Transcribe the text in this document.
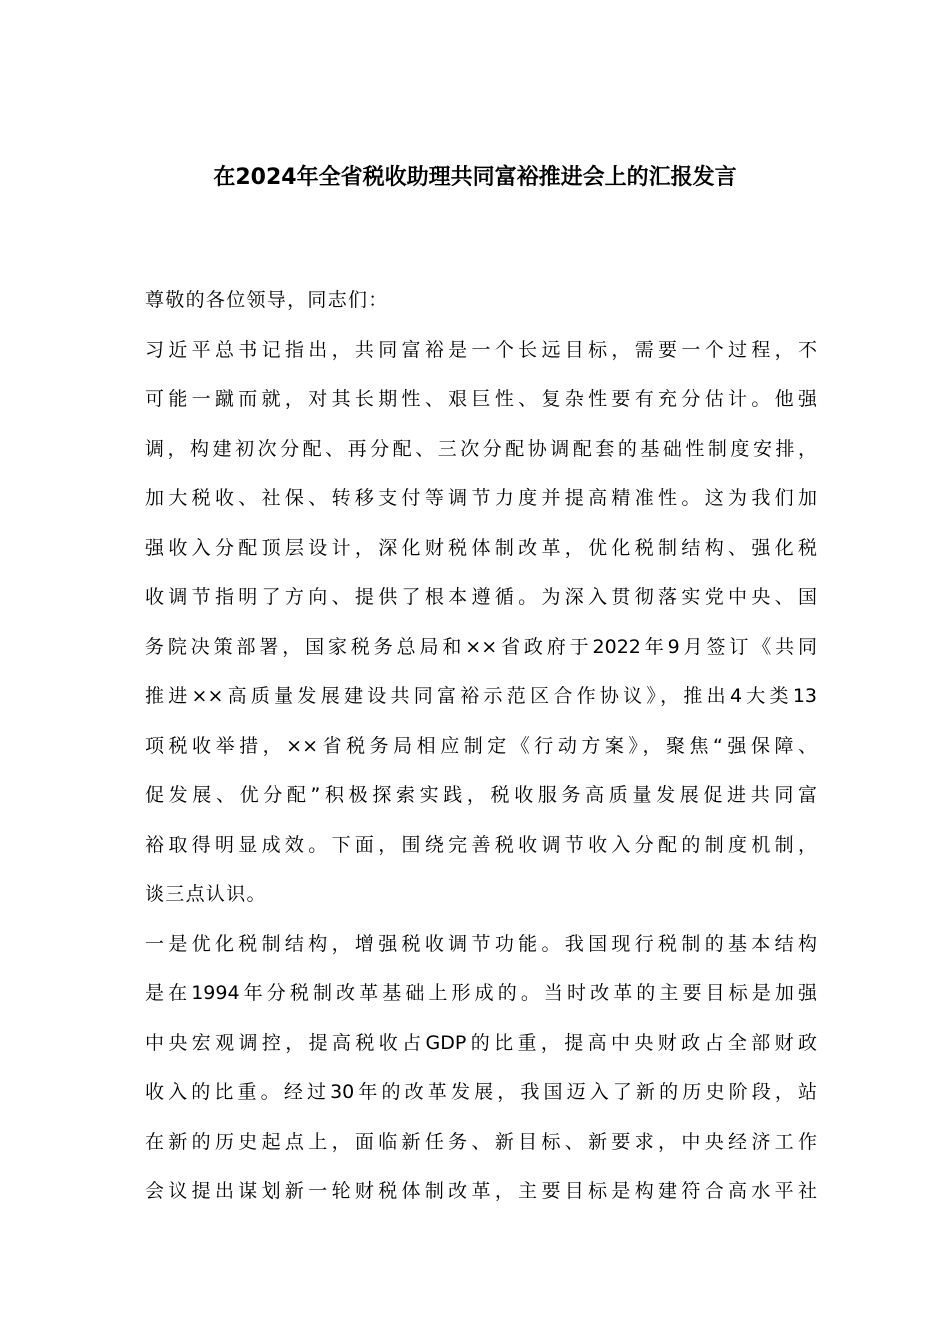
在2024年全省税收助理共同富裕推进会上的汇报发言
尊敬的各位领导，同志们：
习近平总书记指出，共同富裕是一个长远目标，需要一个过程，不
可能一蹴而就，对其长期性、艰巨性、复杂性要有充分估计。他强
调，构建初次分配、再分配、三次分配协调配套的基础性制度安排，
加大税收、社保、转移支付等调节力度并提高精准性。这为我们加
强收入分配顶层设计，深化财税体制改革，优化税制结构、强化税
收调节指明了方向、提供了根本遵循。为深入贯彻落实党中央、国
务院决策部署，国家税务总局和××省政府于2022年9月签订《共同
推进××高质量发展建设共同富裕示范区合作协议》，推出4大类13
项税收举措，××省税务局相应制定《行动方案》，聚焦“强保障、
促发展、优分配”积极探索实践，税收服务高质量发展促进共同富
裕取得明显成效。下面，围绕完善税收调节收入分配的制度机制，
谈三点认识。
一是优化税制结构，增强税收调节功能。我国现行税制的基本结构
是在1994年分税制改革基础上形成的。当时改革的主要目标是加强
中央宏观调控，提高税收占GDP的比重，提高中央财政占全部财政
收入的比重。经过30年的改革发展，我国迈入了新的历史阶段，站
在新的历史起点上，面临新任务、新目标、新要求，中央经济工作
会议提出谋划新一轮财税体制改革，主要目标是构建符合高水平社
